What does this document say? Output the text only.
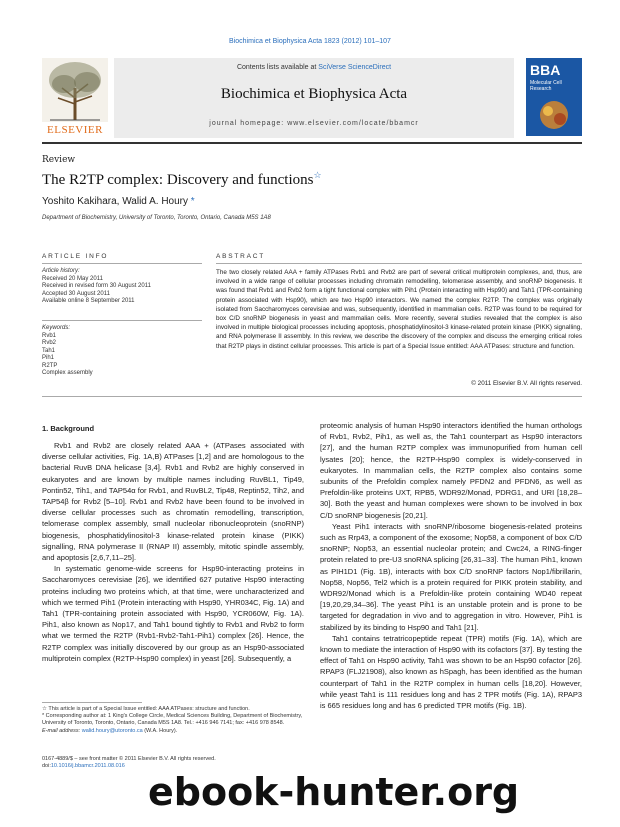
Biochimica et Biophysica Acta 1823 (2012) 101–107
ELSEVIER
Contents lists available at SciVerse ScienceDirect
Biochimica et Biophysica Acta
journal homepage: www.elsevier.com/locate/bbamcr
BBA
Molecular Cell Research
Review
The R2TP complex: Discovery and functions☆
Yoshito Kakihara, Walid A. Houry *
Department of Biochemistry, University of Toronto, Toronto, Ontario, Canada M5S 1A8
ARTICLE INFO
Article history:
Received 20 May 2011
Received in revised form 30 August 2011
Accepted 30 August 2011
Available online 8 September 2011
Keywords:
Rvb1
Rvb2
Tah1
Pih1
R2TP
Complex assembly
ABSTRACT
The two closely related AAA + family ATPases Rvb1 and Rvb2 are part of several critical multiprotein complexes, and, thus, are involved in a wide range of cellular processes including chromatin remodelling, telomerase assembly, and snoRNP biogenesis. It was found that Rvb1 and Rvb2 form a tight functional complex with Pih1 (Protein interacting with Hsp90) and Tah1 (TPR-containing protein associated with Hsp90), which are two Hsp90 interactors. We named the complex R2TP. The complex was originally isolated from Saccharomyces cerevisiae and was, subsequently, identified in mammalian cells. R2TP was found to be required for box C/D snoRNP biogenesis in yeast and mammalian cells. More recently, several studies revealed that the complex is also involved in multiple biological processes including apoptosis, phosphatidylinositol-3 kinase-related protein kinase (PIKK) signalling, and RNA polymerase II assembly. In this review, we describe the discovery of the complex and discuss the emerging critical roles that R2TP plays in distinct cellular processes. This article is part of a Special Issue entitled: AAA ATPases: structure and function.
© 2011 Elsevier B.V. All rights reserved.
1. Background

Rvb1 and Rvb2 are closely related AAA + (ATPases associated with diverse cellular activities, Fig. 1A,B) ATPases [1,2] and are homologous to the bacterial RuvB DNA helicase [3,4]. Rvb1 and Rvb2 are highly conserved in eukaryotes and are known by multiple names including RuvBL1, Tip49, Pontin52, Tih1, and TAP54α for Rvb1, and RuvBL2, Tip48, Reptin52, Tih2, and TAP54β for Rvb2 [5–10]. Rvb1 and Rvb2 have been found to be involved in diverse cellular processes such as chromatin remodelling, transcription, telomerase complex assembly, small nucleolar ribonucleoprotein (snoRNP) biogenesis, phosphatidylinositol-3 kinase-related protein kinase (PIKK) signalling, RNA polymerase II (RNAP II) assembly, mitotic spindle assembly, and apoptosis [2,6,7,11–25].

In systematic genome-wide screens for Hsp90-interacting proteins in Saccharomyces cerevisiae [26], we identified 627 putative Hsp90 interacting proteins including two proteins which, at that time, were uncharacterized and which we termed Pih1 (Protein interacting with Hsp90, YHR034C, Fig. 1A) and Tah1 (TPR-containing protein associated with Hsp90, YCR060W, Fig. 1A). Pih1, also known as Nop17, and Tah1 bound tightly to Rvb1 and Rvb2 to form what we termed the R2TP (Rvb1-Rvb2-Tah1-Pih1) complex [26]. Hence, the R2TP complex was initially discovered by our group as an Hsp90-associated multiprotein complex (R2TP-Hsp90 complex) in yeast [26]. Subsequently, a

proteomic analysis of human Hsp90 interactors identified the human orthologs of Rvb1, Rvb2, Pih1, as well as, the Tah1 counterpart as Hsp90 interactors [27], and the human R2TP complex was immunopurified from human cell lysates [20]; hence, the R2TP-Hsp90 complex is widely-conserved in eukaryotes. In mammalian cells, the R2TP complex also contains some subunits of the Prefoldin complex namely PFDN2 and PFDN6, as well as Prefoldin-like proteins UXT, RPB5, WDR92/Monad, PDRG1, and URI [18,28–30]. Both the yeast and human complexes were shown to be involved in box C/D snoRNP biogenesis [20,21].

Yeast Pih1 interacts with snoRNP/ribosome biogenesis-related proteins such as Rrp43, a component of the exosome; Nop58, a component of box C/D snoRNP; Nop53, an essential nucleolar protein; and Cwc24, a RING-finger protein related to pre-U3 snoRNA splicing [26,31–33]. The human Pih1, known as PIH1D1 (Fig. 1B), interacts with box C/D snoRNP factors Nop1/fibrillarin, Nop58, Nop56, Tel2 which is a protein required for PIKK protein stability, and WDR92/Monad which is a Prefoldin-like protein containing WD40 repeat [19,20,29,34–36]. The yeast Pih1 is an unstable protein and is prone to be targeted for degradation in vivo and to aggregation in vitro. However, Pih1 is stabilized by its binding to Hsp90 and Tah1 [21].

Tah1 contains tetratricopeptide repeat (TPR) motifs (Fig. 1A), which are known to mediate the interaction of Hsp90 with its cofactors [37]. By testing the effect of Tah1 on Hsp90 activity, Tah1 was shown to be an Hsp90 cofactor [26]. RPAP3 (FLJ21908), also known as hSpagh, has been identified as the human counterpart of Tah1 in the R2TP complex in human cells [18,20]. However, while yeast Tah1 is 111 residues long and has 2 TPR motifs (Fig. 1A), RPAP3 is 665 residues long and has 6 predicted TPR motifs (Fig. 1B).

☆ This article is part of a Special Issue entitled: AAA ATPases: structure and function.
* Corresponding author at: 1 King's College Circle, Medical Sciences Building, Department of Biochemistry, University of Toronto, Toronto, Ontario, Canada M5S 1A8. Tel.: +416 946 7141; fax: +416 978 8548.
E-mail address: walid.houry@utoronto.ca (W.A. Houry).
0167-4889/$ – see front matter © 2011 Elsevier B.V. All rights reserved.
doi:10.1016/j.bbamcr.2011.08.016
ebook-hunter.org
